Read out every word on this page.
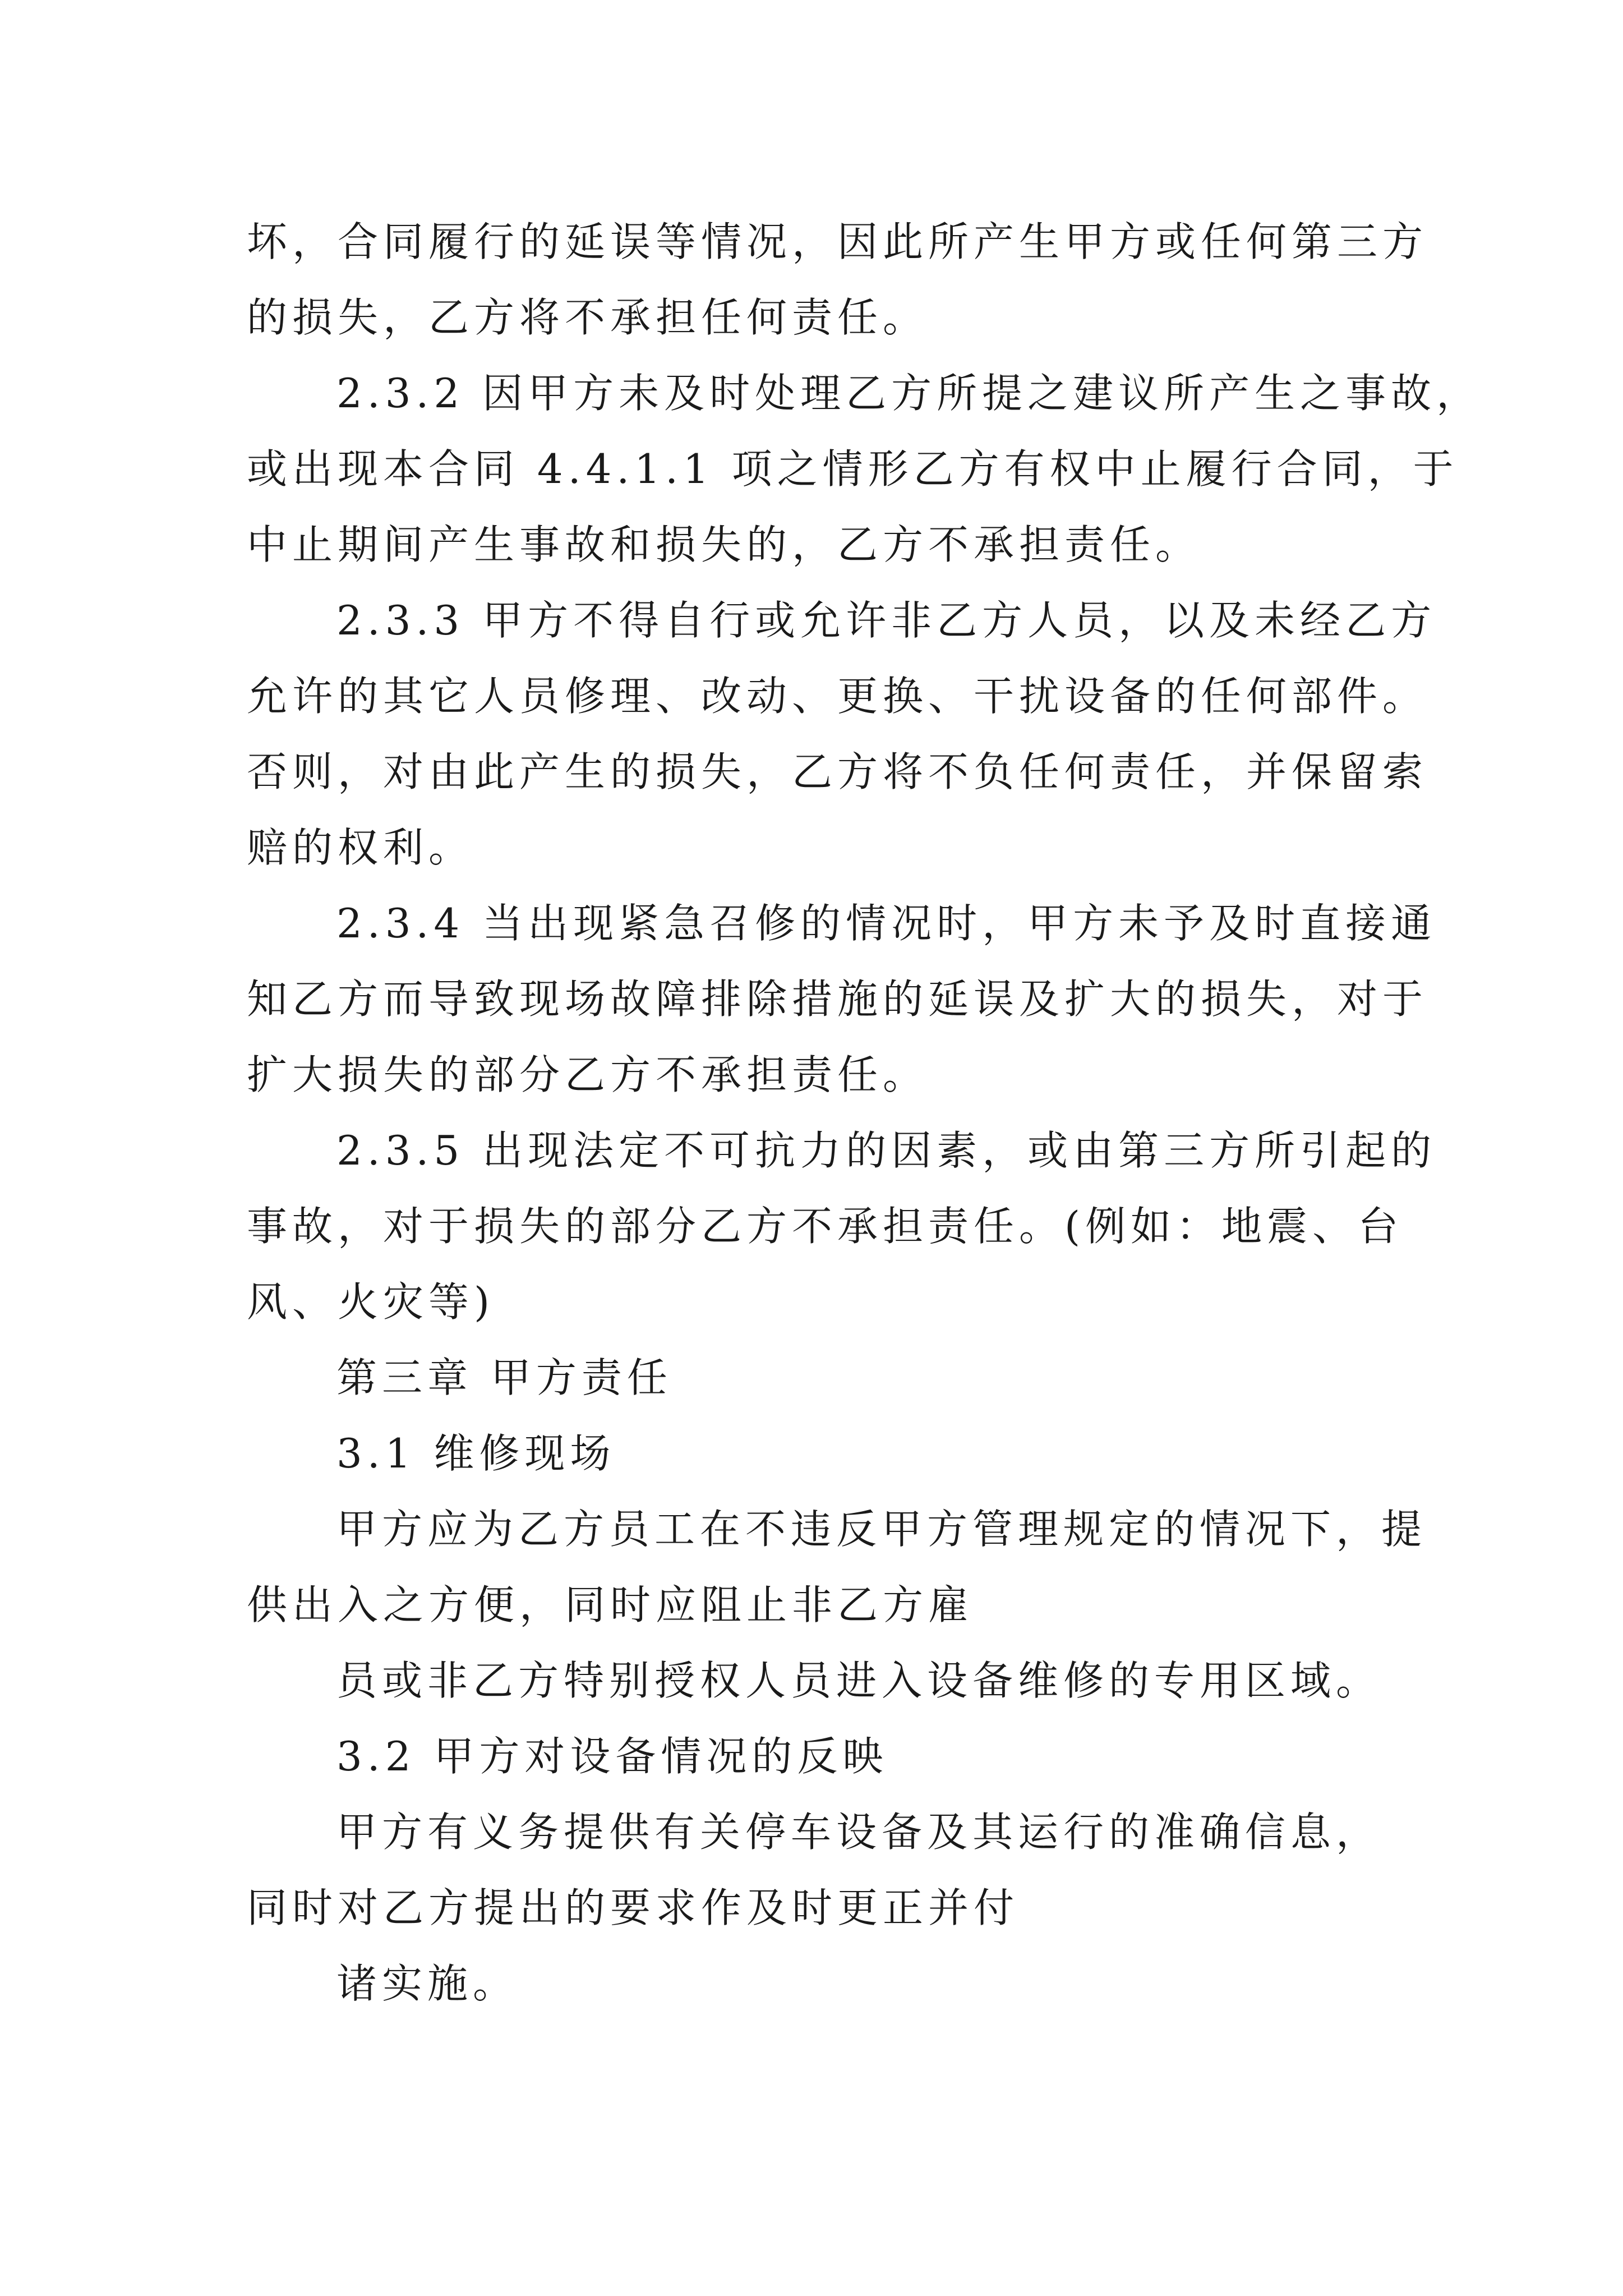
坏，合同履行的延误等情况，因此所产生甲方或任何第三方
的损失，乙方将不承担任何责任。
2.3.2 因甲方未及时处理乙方所提之建议所产生之事故，
或出现本合同 4.4.1.1 项之情形乙方有权中止履行合同，于
中止期间产生事故和损失的，乙方不承担责任。
2.3.3 甲方不得自行或允许非乙方人员，以及未经乙方
允许的其它人员修理、改动、更换、干扰设备的任何部件。
否则，对由此产生的损失，乙方将不负任何责任，并保留索
赔的权利。
2.3.4 当出现紧急召修的情况时，甲方未予及时直接通
知乙方而导致现场故障排除措施的延误及扩大的损失，对于
扩大损失的部分乙方不承担责任。
2.3.5 出现法定不可抗力的因素，或由第三方所引起的
事故，对于损失的部分乙方不承担责任。(例如：地震、台
风、火灾等)
第三章 甲方责任
3.1 维修现场
甲方应为乙方员工在不违反甲方管理规定的情况下，提
供出入之方便，同时应阻止非乙方雇
员或非乙方特别授权人员进入设备维修的专用区域。
3.2 甲方对设备情况的反映
甲方有义务提供有关停车设备及其运行的准确信息，
同时对乙方提出的要求作及时更正并付
诸实施。
